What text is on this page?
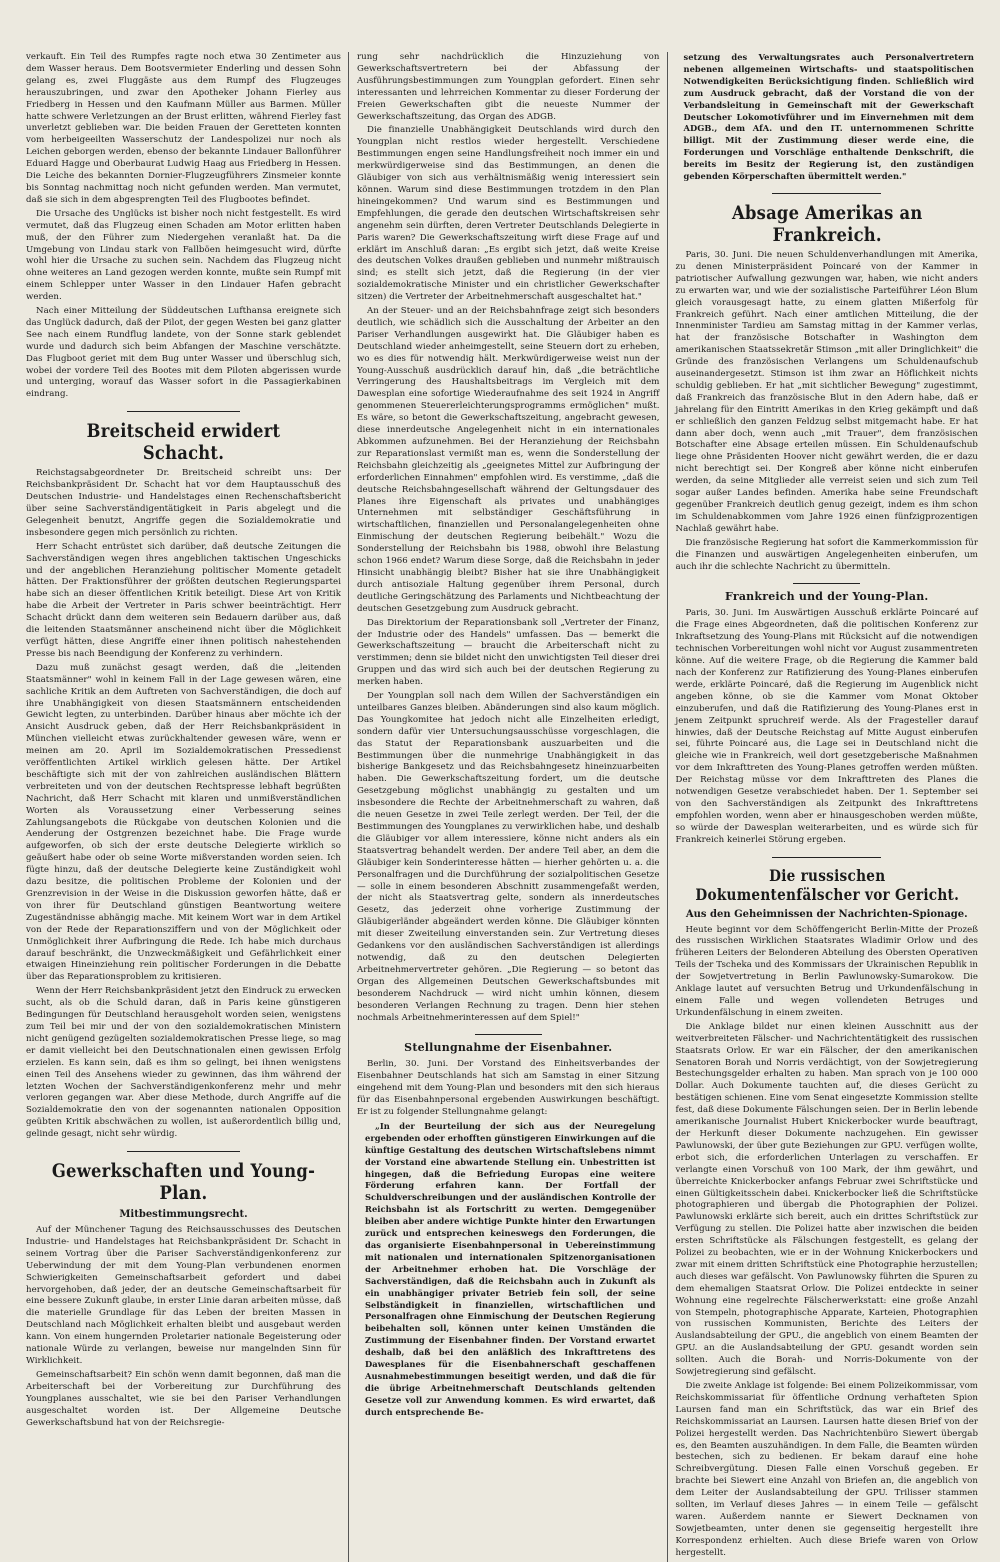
verkauft. Ein Teil des Rumpfes ragte noch etwa 30 Zentimeter aus dem Wasser heraus. Dem Bootsvermieter Enderling und dessen Sohn gelang es, zwei Fluggäste aus dem Rumpf des Flugzeuges herauszubringen, und zwar den Apotheker Johann Fierley aus Friedberg in Hessen und den Kaufmann Müller aus Barmen. Müller hatte schwere Verletzungen an der Brust erlitten, während Fierley fast unverletzt geblieben war. Die beiden Frauen der Geretteten konnten vom herbeigeeilten Wasserschutz der Landespolizei nur noch als Leichen geborgen werden, ebenso der bekannte Lindauer Ballonführer Eduard Hagge und Oberbaurat Ludwig Haag aus Friedberg in Hessen. Die Leiche des bekannten Dornier-Flugzeugführers Zinsmeier konnte bis Sonntag nachmittag noch nicht gefunden werden. Man vermutet, daß sie sich in dem abgesprengten Teil des Flugbootes befindet.

Die Ursache des Unglücks ist bisher noch nicht festgestellt. Es wird vermutet, daß das Flugzeug einen Schaden am Motor erlitten haben muß, der den Führer zum Niedergehen veranlaßt hat. Da die Umgebung von Lindau stark von Fallböen heimgesucht wird, dürfte wohl hier die Ursache zu suchen sein. Nachdem das Flugzeug nicht ohne weiteres an Land gezogen werden konnte, mußte sein Rumpf mit einem Schlepper unter Wasser in den Lindauer Hafen gebracht werden.

Nach einer Mitteilung der Süddeutschen Lufthansa ereignete sich das Unglück dadurch, daß der Pilot, der gegen Westen bei ganz glatter See nach einem Rundflug landete, von der Sonne stark geblendet wurde und dadurch sich beim Abfangen der Maschine verschätzte. Das Flugboot geriet mit dem Bug unter Wasser und überschlug sich, wobei der vordere Teil des Bootes mit dem Piloten abgerissen wurde und unterging, worauf das Wasser sofort in die Passagierkabinen eindrang.

Breitscheid erwidert Schacht.

Reichstagsabgeordneter Dr. Breitscheid schreibt uns: Der Reichsbankpräsident Dr. Schacht hat vor dem Hauptausschuß des Deutschen Industrie- und Handelstages einen Rechenschaftsbericht über seine Sachverständigentätigkeit in Paris abgelegt und die Gelegenheit benutzt, Angriffe gegen die Sozialdemokratie und insbesondere gegen mich persönlich zu richten.

Herr Schacht entrüstet sich darüber, daß deutsche Zeitungen die Sachverständigen wegen ihres angeblichen taktischen Ungeschicks und der angeblichen Heranziehung politischer Momente getadelt hätten. Der Fraktionsführer der größten deutschen Regierungspartei habe sich an dieser öffentlichen Kritik beteiligt. Diese Art von Kritik habe die Arbeit der Vertreter in Paris schwer beeinträchtigt. Herr Schacht drückt dann dem weiteren sein Bedauern darüber aus, daß die leitenden Staatsmänner anscheinend nicht über die Möglichkeit verfügt hätten, diese Angriffe einer ihnen politisch nahestehenden Presse bis nach Beendigung der Konferenz zu verhindern.

Dazu muß zunächst gesagt werden, daß die „leitenden Staatsmänner" wohl in keinem Fall in der Lage gewesen wären, eine sachliche Kritik an dem Auftreten von Sachverständigen, die doch auf ihre Unabhängigkeit von diesen Staatsmännern entscheidenden Gewicht legten, zu unterbinden. Darüber hinaus aber möchte ich der Ansicht Ausdruck geben, daß der Herr Reichsbankpräsident in München vielleicht etwas zurückhaltender gewesen wäre, wenn er meinen am 20. April im Sozialdemokratischen Pressedienst veröffentlichten Artikel wirklich gelesen hätte. Der Artikel beschäftigte sich mit der von zahlreichen ausländischen Blättern verbreiteten und von der deutschen Rechtspresse lebhaft begrüßten Nachricht, daß Herr Schacht mit klaren und unmißverständlichen Worten als Voraussetzung einer Verbesserung seines Zahlungsangebots die Rückgabe von deutschen Kolonien und die Aenderung der Ostgrenzen bezeichnet habe. Die Frage wurde aufgeworfen, ob sich der erste deutsche Delegierte wirklich so geäußert habe oder ob seine Worte mißverstanden worden seien. Ich fügte hinzu, daß der deutsche Delegierte keine Zuständigkeit wohl dazu besitze, die politischen Probleme der Kolonien und der Grenzrevision in der Weise in die Diskussion geworfen hätte, daß er von ihrer für Deutschland günstigen Beantwortung weitere Zugeständnisse abhängig mache. Mit keinem Wort war in dem Artikel von der Rede der Reparationsziffern und von der Möglichkeit oder Unmöglichkeit ihrer Aufbringung die Rede. Ich habe mich durchaus darauf beschränkt, die Unzweckmäßigkeit und Gefährlichkeit einer etwaigen Hineinziehung rein politischer Forderungen in die Debatte über das Reparationsproblem zu kritisieren.

Wenn der Herr Reichsbankpräsident jetzt den Eindruck zu erwecken sucht, als ob die Schuld daran, daß in Paris keine günstigeren Bedingungen für Deutschland herausgeholt worden seien, wenigstens zum Teil bei mir und der von den sozialdemokratischen Ministern nicht genügend gezügelten sozialdemokratischen Presse liege, so mag er damit vielleicht bei den Deutschnationalen einen gewissen Erfolg erzielen. Es kann sein, daß es ihm so gelingt, bei ihnen wenigstens einen Teil des Ansehens wieder zu gewinnen, das ihm während der letzten Wochen der Sachverständigenkonferenz mehr und mehr verloren gegangen war. Aber diese Methode, durch Angriffe auf die Sozialdemokratie den von der sogenannten nationalen Opposition geübten Kritik abschwächen zu wollen, ist außerordentlich billig und, gelinde gesagt, nicht sehr würdig.

Gewerkschaften und Young-Plan.
Mitbestimmungsrecht.

Auf der Münchener Tagung des Reichsausschusses des Deutschen Industrie- und Handelstages hat Reichsbankpräsident Dr. Schacht in seinem Vortrag über die Pariser Sachverständigenkonferenz zur Ueberwindung der mit dem Young-Plan verbundenen enormen Schwierigkeiten Gemeinschaftsarbeit gefordert und dabei hervorgehoben, daß jeder, der an deutsche Gemeinschaftsarbeit für eine bessere Zukunft glaube, in erster Linie daran arbeiten müsse, daß die materielle Grundlage für das Leben der breiten Massen in Deutschland nach Möglichkeit erhalten bleibt und ausgebaut werden kann. Von einem hungernden Proletarier nationale Begeisterung oder nationale Würde zu verlangen, beweise nur mangelnden Sinn für Wirklichkeit.

Gemeinschaftsarbeit? Ein schön wenn damit begonnen, daß man die Arbeiterschaft bei der Vorbereitung zur Durchführung des Youngplanes ausschaltet, wie sie bei den Pariser Verhandlungen ausgeschaltet worden ist. Der Allgemeine Deutsche Gewerkschaftsbund hat von der Reichsregie-

rung sehr nachdrücklich die Hinzuziehung von Gewerkschaftsvertretern bei der Abfassung der Ausführungsbestimmungen zum Youngplan gefordert. Einen sehr interessanten und lehrreichen Kommentar zu dieser Forderung der Freien Gewerkschaften gibt die neueste Nummer der Gewerkschaftszeitung, das Organ des ADGB.

Die finanzielle Unabhängigkeit Deutschlands wird durch den Youngplan nicht restlos wieder hergestellt. Verschiedene Bestimmungen engen seine Handlungsfreiheit noch immer ein und merkwürdigerweise sind das Bestimmungen, an denen die Gläubiger von sich aus verhältnismäßig wenig interessiert sein können. Warum sind diese Bestimmungen trotzdem in den Plan hineingekommen? Und warum sind es Bestimmungen und Empfehlungen, die gerade den deutschen Wirtschaftskreisen sehr angenehm sein dürften, deren Vertreter Deutschlands Delegierte in Paris waren? Die Gewerkschaftszeitung wirft diese Frage auf und erklärt im Anschluß daran: „Es ergibt sich jetzt, daß weite Kreise des deutschen Volkes draußen geblieben und nunmehr mißtrauisch sind; es stellt sich jetzt, daß die Regierung (in der vier sozialdemokratische Minister und ein christlicher Gewerkschafter sitzen) die Vertreter der Arbeitnehmerschaft ausgeschaltet hat."

An der Steuer- und an der Reichsbahnfrage zeigt sich besonders deutlich, wie schädlich sich die Ausschaltung der Arbeiter an den Pariser Verhandlungen ausgewirkt hat. Die Gläubiger haben es Deutschland wieder anheimgestellt, seine Steuern dort zu erheben, wo es dies für notwendig hält. Merkwürdigerweise weist nun der Young-Ausschuß ausdrücklich darauf hin, daß „die beträchtliche Verringerung des Haushaltsbeitrags im Vergleich mit dem Dawesplan eine sofortige Wiederaufnahme des seit 1924 in Angriff genommenen Steuererleichterungsprogramms ermöglichen" mußt. Es wäre, so betont die Gewerkschaftszeitung, angebracht gewesen, diese innerdeutsche Angelegenheit nicht in ein internationales Abkommen aufzunehmen. Bei der Heranziehung der Reichsbahn zur Reparationslast vermißt man es, wenn die Sonderstellung der Reichsbahn gleichzeitig als „geeignetes Mittel zur Aufbringung der erforderlichen Einnahmen" empfohlen wird. Es verstimme, „daß die deutsche Reichsbahngesellschaft während der Geltungsdauer des Planes ihre Eigenschaft als privates und unabhängiges Unternehmen mit selbständiger Geschäftsführung in wirtschaftlichen, finanziellen und Personalangelegenheiten ohne Einmischung der deutschen Regierung beibehält." Wozu die Sonderstellung der Reichsbahn bis 1988, obwohl ihre Belastung schon 1966 endet? Warum diese Sorge, daß die Reichsbahn in jeder Hinsicht unabhängig bleibt? Bisher hat sie ihre Unabhängigkeit durch antisoziale Haltung gegenüber ihrem Personal, durch deutliche Geringschätzung des Parlaments und Nichtbeachtung der deutschen Gesetzgebung zum Ausdruck gebracht.

Das Direktorium der Reparationsbank soll „Vertreter der Finanz, der Industrie oder des Handels" umfassen. Das — bemerkt die Gewerkschaftszeitung — braucht die Arbeiterschaft nicht zu verstimmen; denn sie bildet nicht den unwichtigsten Teil dieser drei Gruppen und das wird sich auch bei der deutschen Regierung zu merken haben.

Der Youngplan soll nach dem Willen der Sachverständigen ein unteilbares Ganzes bleiben. Abänderungen sind also kaum möglich. Das Youngkomitee hat jedoch nicht alle Einzelheiten erledigt, sondern dafür vier Untersuchungsausschüsse vorgeschlagen, die das Statut der Reparationsbank auszuarbeiten und die Bestimmungen über die nunmehrige Unabhängigkeit in das bisherige Bankgesetz und das Reichsbahngesetz hineinzuarbeiten haben. Die Gewerkschaftszeitung fordert, um die deutsche Gesetzgebung möglichst unabhängig zu gestalten und um insbesondere die Rechte der Arbeitnehmerschaft zu wahren, daß die neuen Gesetze in zwei Teile zerlegt werden. Der Teil, der die Bestimmungen des Youngplanes zu verwirklichen habe, und deshalb die Gläubiger vor allem interessiere, könne nicht anders als ein Staatsvertrag behandelt werden. Der andere Teil aber, an dem die Gläubiger kein Sonderinteresse hätten — hierher gehörten u. a. die Personalfragen und die Durchführung der sozialpolitischen Gesetze — solle in einem besonderen Abschnitt zusammengefaßt werden, der nicht als Staatsvertrag gelte, sondern als innerdeutsches Gesetz, das jederzeit ohne vorherige Zustimmung der Gläubigerländer abgeändert werden könne. Die Gläubiger könnten mit dieser Zweiteilung einverstanden sein. Zur Vertretung dieses Gedankens vor den ausländischen Sachverständigen ist allerdings notwendig, daß zu den deutschen Delegierten Arbeitnehmervertreter gehören. „Die Regierung — so betont das Organ des Allgemeinen Deutschen Gewerkschaftsbundes mit besonderem Nachdruck — wird nicht umhin können, diesem besonderen Verlangen Rechnung zu tragen. Denn hier stehen nochmals Arbeitnehmerinteressen auf dem Spiel!"

Stellungnahme der Eisenbahner.

Berlin, 30. Juni. Der Vorstand des Einheitsverbandes der Eisenbahner Deutschlands hat sich am Samstag in einer Sitzung eingehend mit dem Young-Plan und besonders mit den sich hieraus für das Eisenbahnpersonal ergebenden Auswirkungen beschäftigt. Er ist zu folgender Stellungnahme gelangt:

„In der Beurteilung der sich aus der Neuregelung ergebenden oder erhofften günstigeren Einwirkungen auf die künftige Gestaltung des deutschen Wirtschaftslebens nimmt der Vorstand eine abwartende Stellung ein. Unbestritten ist hingegen, daß die Befriedung Europas eine weitere Förderung erfahren kann. Der Fortfall der Schuldverschreibungen und der ausländischen Kontrolle der Reichsbahn ist als Fortschritt zu werten. Demgegenüber bleiben aber andere wichtige Punkte hinter den Erwartungen zurück und entsprechen keineswegs den Forderungen, die das organisierte Eisenbahnpersonal in Uebereinstimmung mit nationalen und internationalen Spitzenorganisationen der Arbeitnehmer erhoben hat. Die Vorschläge der Sachverständigen, daß die Reichsbahn auch in Zukunft als ein unabhängiger privater Betrieb fein soll, der seine Selbständigkeit in finanziellen, wirtschaftlichen und Personalfragen ohne Einmischung der Deutschen Regierung beibehalten soll, können unter keinen Umständen die Zustimmung der Eisenbahner finden. Der Vorstand erwartet deshalb, daß bei den anläßlich des Inkrafttretens des Dawesplanes für die Eisenbahnerschaft geschaffenen Ausnahmebestimmungen beseitigt werden, und daß die für die übrige Arbeitnehmerschaft Deutschlands geltenden Gesetze voll zur Anwendung kommen. Es wird erwartet, daß durch entsprechende Be-

setzung des Verwaltungsrates auch Personalvertretern nebenen allgemeinen Wirtschafts- und staatspolitischen Notwendigkeiten Berücksichtigung finden. Schließlich wird zum Ausdruck gebracht, daß der Vorstand die von der Verbandsleitung in Gemeinschaft mit der Gewerkschaft Deutscher Lokomotivführer und im Einvernehmen mit dem ADGB., dem AfA. und den IT. unternommenen Schritte billigt. Mit der Zustimmung dieser werde eine, die Forderungen und Vorschläge enthaltende Denkschrift, die bereits im Besitz der Regierung ist, den zuständigen gebenden Körperschaften übermittelt werden."

Absage Amerikas an Frankreich.

Paris, 30. Juni. Die neuen Schuldenverhandlungen mit Amerika, zu denen Ministerpräsident Poincaré von der Kammer in patriotischer Aufwallung gezwungen war, haben, wie nicht anders zu erwarten war, und wie der sozialistische Parteiführer Léon Blum gleich vorausgesagt hatte, zu einem glatten Mißerfolg für Frankreich geführt. Nach einer amtlichen Mitteilung, die der Innenminister Tardieu am Samstag mittag in der Kammer verlas, hat der französische Botschafter in Washington dem amerikanischen Staatssekretär Stimson „mit aller Dringlichkeit" die Gründe des französischen Verlangens um Schuldenaufschub auseinandergesetzt. Stimson ist ihm zwar an Höflichkeit nichts schuldig geblieben. Er hat „mit sichtlicher Bewegung" zugestimmt, daß Frankreich das französische Blut in den Adern habe, daß er jahrelang für den Eintritt Amerikas in den Krieg gekämpft und daß er schließlich den ganzen Feldzug selbst mitgemacht habe. Er hat dann aber doch, wenn auch „mit Trauer", dem französischen Botschafter eine Absage erteilen müssen. Ein Schuldenaufschub liege ohne Präsidenten Hoover nicht gewährt werden, die er dazu nicht berechtigt sei. Der Kongreß aber könne nicht einberufen werden, da seine Mitglieder alle verreist seien und sich zum Teil sogar außer Landes befinden. Amerika habe seine Freundschaft gegenüber Frankreich deutlich genug gezeigt, indem es ihm schon im Schuldenabkommen vom Jahre 1926 einen fünfzigprozentigen Nachlaß gewährt habe.

Die französische Regierung hat sofort die Kammerkommission für die Finanzen und auswärtigen Angelegenheiten einberufen, um auch ihr die schlechte Nachricht zu übermitteln.

Frankreich und der Young-Plan.

Paris, 30. Juni. Im Auswärtigen Ausschuß erklärte Poincaré auf die Frage eines Abgeordneten, daß die politischen Konferenz zur Inkraftsetzung des Young-Plans mit Rücksicht auf die notwendigen technischen Vorbereitungen wohl nicht vor August zusammentreten könne. Auf die weitere Frage, ob die Regierung die Kammer bald nach der Konferenz zur Ratifizierung des Young-Planes einberufen werde, erklärte Poincaré, daß die Regierung im Augenblick nicht angeben könne, ob sie die Kammer vom Monat Oktober einzuberufen, und daß die Ratifizierung des Young-Planes erst in jenem Zeitpunkt spruchreif werde. Als der Fragesteller darauf hinwies, daß der Deutsche Reichstag auf Mitte August einberufen sei, führte Poincaré aus, die Lage sei in Deutschland nicht die gleiche wie in Frankreich, weil dort gesetzgeberische Maßnahmen vor dem Inkrafttreten des Young-Planes getroffen werden müßten. Der Reichstag müsse vor dem Inkrafttreten des Planes die notwendigen Gesetze verabschiedet haben. Der 1. September sei von den Sachverständigen als Zeitpunkt des Inkrafttretens empfohlen worden, wenn aber er hinausgeschoben werden müßte, so würde der Dawesplan weiterarbeiten, und es würde sich für Frankreich keinerlei Störung ergeben.

Die russischen Dokumentenfälscher vor Gericht.
Aus den Geheimnissen der Nachrichten-Spionage.

Heute beginnt vor dem Schöffengericht Berlin-Mitte der Prozeß des russischen Wirklichen Staatsrates Wladimir Orlow und des früheren Leiters der Belonderen Abteilung des Obersten Operativen Teils der Tscheka und des Kommissars der Ukrainischen Republik in der Sowjetvertretung in Berlin Pawlunowsky-Sumarokow. Die Anklage lautet auf versuchten Betrug und Urkundenfälschung in einem Falle und wegen vollendeten Betruges und Urkundenfälschung in einem zweiten.

Die Anklage bildet nur einen kleinen Ausschnitt aus der weitverbreiteten Fälscher- und Nachrichtentätigkeit des russischen Staatsrats Orlow. Er war ein Fälscher, der den amerikanischen Senatoren Borah und Norris verdächtigt, von der Sowjetregierung Bestechungsgelder erhalten zu haben. Man sprach von je 100 000 Dollar. Auch Dokumente tauchten auf, die dieses Gerücht zu bestätigen schienen. Eine vom Senat eingesetzte Kommission stellte fest, daß diese Dokumente Fälschungen seien. Der in Berlin lebende amerikanische Journalist Hubert Knickerbocker wurde beauftragt, der Herkunft dieser Dokumente nachzugehen. Ein gewisser Pawlunowski, der über gute Beziehungen zur GPU. verfügen wollte, erbot sich, die erforderlichen Unterlagen zu verschaffen. Er verlangte einen Vorschuß von 100 Mark, der ihm gewährt, und überreichte Knickerbocker anfangs Februar zwei Schriftstücke und einen Gültigkeitsschein dabei. Knickerbocker ließ die Schriftstücke photographieren und übergab die Photographien der Polizei. Pawlunowski erklärte sich bereit, auch ein drittes Schriftstück zur Verfügung zu stellen. Die Polizei hatte aber inzwischen die beiden ersten Schriftstücke als Fälschungen festgestellt, es gelang der Polizei zu beobachten, wie er in der Wohnung Knickerbockers und zwar mit einem dritten Schriftstück eine Photographie herzustellen; auch dieses war gefälscht. Von Pawlunowsky führten die Spuren zu dem ehemaligen Staatsrat Orlow. Die Polizei entdeckte in seiner Wohnung eine regelrechte Fälscherwerkstatt: eine große Anzahl von Stempeln, photographische Apparate, Karteien, Photographien von russischen Kommunisten, Berichte des Leiters der Auslandsabteilung der GPU., die angeblich von einem Beamten der GPU. an die Auslandsabteilung der GPU. gesandt worden sein sollten. Auch die Borah- und Norris-Dokumente von der Sowjetregierung sind gefälscht.

Die zweite Anklage ist folgende: Bei einem Polizeikommissar, vom Reichskommissariat für öffentliche Ordnung verhafteten Spion Laursen fand man ein Schriftstück, das war ein Brief des Reichskommissariat an Laursen. Laursen hatte diesen Brief von der Polizei hergestellt werden. Das Nachrichtenbüro Siewert übergab es, den Beamten auszuhändigen. In dem Falle, die Beamten würden bestechen, sich zu bedienen. Er bekam darauf eine hohe Schreibvergütung. Diesen Falle einen Vorschuß gegeben. Er brachte bei Siewert eine Anzahl von Briefen an, die angeblich von dem Leiter der Auslandsabteilung der GPU. Trilisser stammen sollten, im Verlauf dieses Jahres — in einem Teile — gefälscht waren. Außerdem nannte er Siewert Decknamen von Sowjetbeamten, unter denen sie gegenseitig hergestellt ihre Korrespondenz erhielten. Auch diese Briefe waren von Orlow hergestellt.
